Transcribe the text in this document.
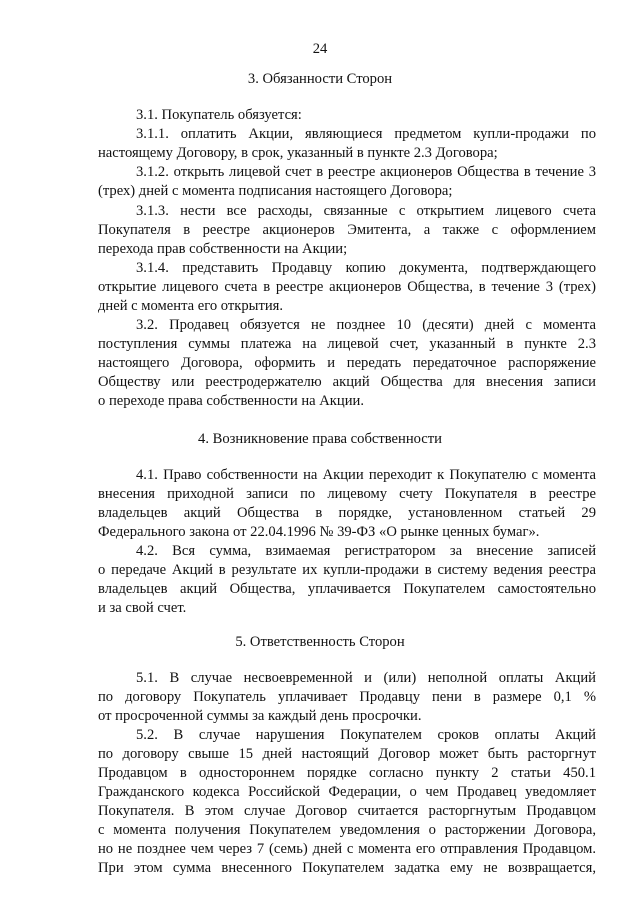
24
3. Обязанности Сторон
3.1. Покупатель обязуется:
3.1.1. оплатить Акции, являющиеся предметом купли-продажи по
настоящему Договору, в срок, указанный в пункте 2.3 Договора;
3.1.2. открыть лицевой счет в реестре акционеров Общества в течение 3
(трех) дней с момента подписания настоящего Договора;
3.1.3. нести все расходы, связанные с открытием лицевого счета
Покупателя в реестре акционеров Эмитента, а также с оформлением
перехода прав собственности на Акции;
3.1.4. представить Продавцу копию документа, подтверждающего
открытие лицевого счета в реестре акционеров Общества, в течение 3 (трех)
дней с момента его открытия.
3.2. Продавец обязуется не позднее 10 (десяти) дней с момента
поступления суммы платежа на лицевой счет, указанный в пункте 2.3
настоящего Договора, оформить и передать передаточное распоряжение
Обществу или реестродержателю акций Общества для внесения записи
о переходе права собственности на Акции.
4. Возникновение права собственности
4.1. Право собственности на Акции переходит к Покупателю с момента
внесения приходной записи по лицевому счету Покупателя в реестре
владельцев акций Общества в порядке, установленном статьей 29
Федерального закона от 22.04.1996 № 39-ФЗ «О рынке ценных бумаг».
4.2. Вся сумма, взимаемая регистратором за внесение записей
о передаче Акций в результате их купли-продажи в систему ведения реестра
владельцев акций Общества, уплачивается Покупателем самостоятельно
и за свой счет.
5. Ответственность Сторон
5.1. В случае несвоевременной и (или) неполной оплаты Акций
по договору Покупатель уплачивает Продавцу пени в размере 0,1 %
от просроченной суммы за каждый день просрочки.
5.2. В случае нарушения Покупателем сроков оплаты Акций
по договору свыше 15 дней настоящий Договор может быть расторгнут
Продавцом в одностороннем порядке согласно пункту 2 статьи 450.1
Гражданского кодекса Российской Федерации, о чем Продавец уведомляет
Покупателя. В этом случае Договор считается расторгнутым Продавцом
с момента получения Покупателем уведомления о расторжении Договора,
но не позднее чем через 7 (семь) дней с момента его отправления Продавцом.
При этом сумма внесенного Покупателем задатка ему не возвращается,
